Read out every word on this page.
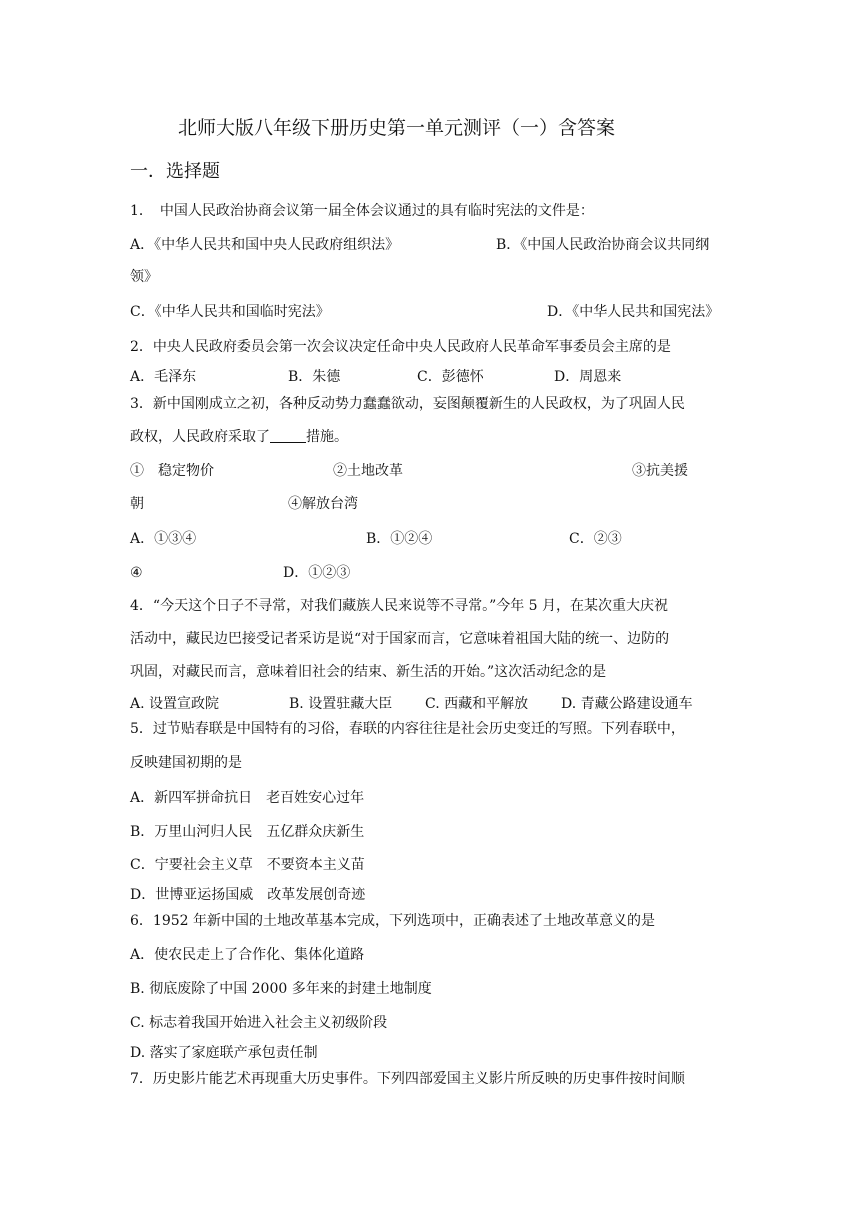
北师大版八年级下册历史第一单元测评（一）含答案
一．选择题
1．　中国人民政治协商会议第一届全体会议通过的具有临时宪法的文件是：
A．《中华人民共和国中央人民政府组织法》	B．《中国人民政治协商会议共同纲
领》
C．《中华人民共和国临时宪法》	D．《中华人民共和国宪法》
2．中央人民政府委员会第一次会议决定任命中央人民政府人民革命军事委员会主席的是
A．毛泽东	B．朱德	C．彭德怀	D．周恩来
3．新中国刚成立之初，各种反动势力蠢蠢欲动，妄图颠覆新生的人民政权，为了巩固人民
政权，人民政府采取了	措施。
①　稳定物价	②土地改革	③抗美援
朝	④解放台湾
A．①③④	B．①②④	C．②③
④	D．①②③
4．“今天这个日子不寻常，对我们藏族人民来说等不寻常。”今年 5 月，在某次重大庆祝
活动中，藏民边巴接受记者采访是说“对于国家而言，它意味着祖国大陆的统一、边防的
巩固，对藏民而言，意味着旧社会的结束、新生活的开始。”这次活动纪念的是
A. 设置宣政院	B. 设置驻藏大臣 C. 西藏和平解放 D. 青藏公路建设通车
5．过节贴春联是中国特有的习俗，春联的内容往往是社会历史变迁的写照。下列春联中，
反映建国初期的是
A．新四军拼命抗日　老百姓安心过年
B．万里山河归人民　五亿群众庆新生
C．宁要社会主义草　不要资本主义苗
D．世博亚运扬国威　改革发展创奇迹
6．1952 年新中国的土地改革基本完成，下列选项中，正确表述了土地改革意义的是
A．使农民走上了合作化、集体化道路
B. 彻底废除了中国 2000 多年来的封建土地制度
C. 标志着我国开始进入社会主义初级阶段
D. 落实了家庭联产承包责任制
7．历史影片能艺术再现重大历史事件。下列四部爱国主义影片所反映的历史事件按时间顺
